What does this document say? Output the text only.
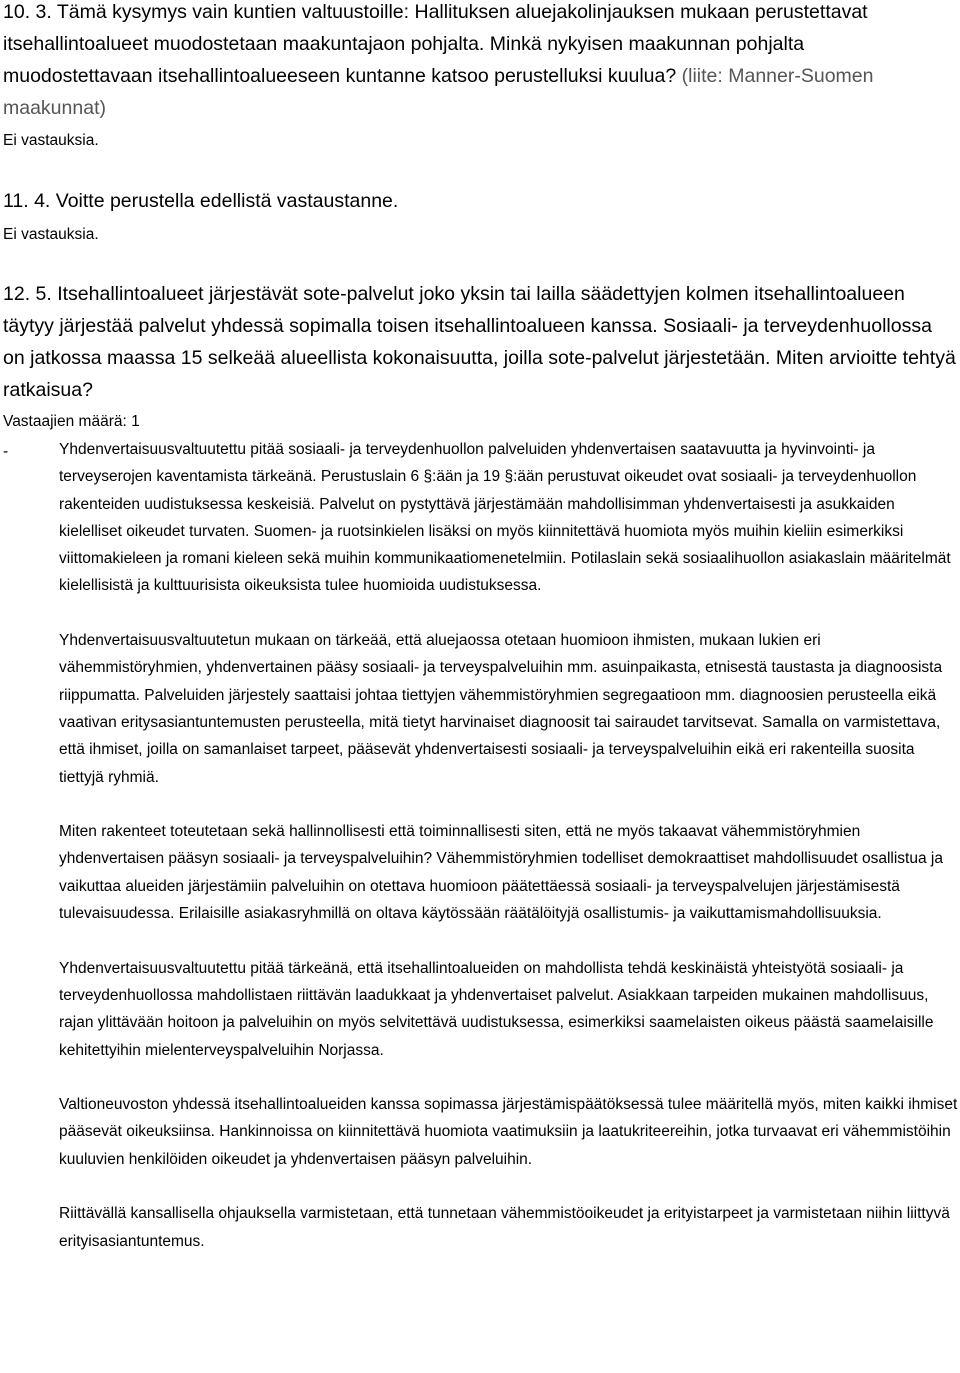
10. 3. Tämä kysymys vain kuntien valtuustoille: Hallituksen aluejakolinjauksen mukaan perustettavat itsehallintoalueet muodostetaan maakuntajaon pohjalta. Minkä nykyisen maakunnan pohjalta muodostettavaan itsehallintoalueeseen kuntanne katsoo perustelluksi kuulua? (liite: Manner-Suomen maakunnat)

Ei vastauksia.

11. 4. Voitte perustella edellistä vastaustanne.

Ei vastauksia.

12. 5. Itsehallintoalueet järjestävät sote-palvelut joko yksin tai lailla säädettyjen kolmen itsehallintoalueen täytyy järjestää palvelut yhdessä sopimalla toisen itsehallintoalueen kanssa. Sosiaali- ja terveydenhuollossa on jatkossa maassa 15 selkeää alueellista kokonaisuutta, joilla sote-palvelut järjestetään. Miten arvioitte tehtyä ratkaisua?

Vastaajien määrä: 1
-	Yhdenvertaisuusvaltuutettu pitää sosiaali- ja terveydenhuollon palveluiden yhdenvertaisen saatavuutta ja hyvinvointi- ja terveyserojen kaventamista tärkeänä. Perustuslain 6 §:ään ja 19 §:ään perustuvat oikeudet ovat sosiaali- ja terveydenhuollon rakenteiden uudistuksessa keskeisiä. Palvelut on pystyttävä järjestämään mahdollisimman yhdenvertaisesti ja asukkaiden kielelliset oikeudet turvaten. Suomen- ja ruotsinkielen lisäksi on myös kiinnitettävä huomiota myös muihin kieliin esimerkiksi viittomakieleen ja romani kieleen sekä muihin kommunikaatiomenetelmiin. Potilaslain sekä sosiaalihuollon asiakaslain määritelmät kielellisistä ja kulttuurisista oikeuksista tulee huomioida uudistuksessa.

Yhdenvertaisuusvaltuutetun mukaan on tärkeää, että aluejaossa otetaan huomioon ihmisten, mukaan lukien eri vähemmistöryhmien, yhdenvertainen pääsy sosiaali- ja terveyspalveluihin mm. asuinpaikasta, etnisestä taustasta ja diagnoosista riippumatta. Palveluiden järjestely saattaisi johtaa tiettyjen vähemmistöryhmien segregaatioon mm. diagnoosien perusteella eikä vaativan eritysasiantuntemusten perusteella, mitä tietyt harvinaiset diagnoosit tai sairaudet tarvitsevat. Samalla on varmistettava, että ihmiset, joilla on samanlaiset tarpeet, pääsevät yhdenvertaisesti sosiaali- ja terveyspalveluihin eikä eri rakenteilla suosita tiettyjä ryhmiä.

Miten rakenteet toteutetaan sekä hallinnollisesti että toiminnallisesti siten, että ne myös takaavat vähemmistöryhmien yhdenvertaisen pääsyn sosiaali- ja terveyspalveluihin? Vähemmistöryhmien todelliset demokraattiset mahdollisuudet osallistua ja vaikuttaa alueiden järjestämiin palveluihin on otettava huomioon päätettäessä sosiaali- ja terveyspalvelujen järjestämisestä tulevaisuudessa. Erilaisille asiakasryhmillä on oltava käytössään räätälöityjä osallistumis- ja vaikuttamismahdollisuuksia.

Yhdenvertaisuusvaltuutettu pitää tärkeänä, että itsehallintoalueiden on mahdollista tehdä keskinäistä yhteistyötä sosiaali- ja terveydenhuollossa mahdollistaen riittävän laadukkaat ja yhdenvertaiset palvelut. Asiakkaan tarpeiden mukainen mahdollisuus, rajan ylittävään hoitoon ja palveluihin on myös selvitettävä uudistuksessa, esimerkiksi saamelaisten oikeus päästä saamelaisille kehitettyihin mielenterveyspalveluihin Norjassa.

Valtioneuvoston yhdessä itsehallintoalueiden kanssa sopimassa järjestämispäätöksessä tulee määritellä myös, miten kaikki ihmiset pääsevät oikeuksiinsa. Hankinnoissa on kiinnitettävä huomiota vaatimuksiin ja laatukriteereihin, jotka turvaavat eri vähemmistöihin kuuluvien henkilöiden oikeudet ja yhdenvertaisen pääsyn palveluihin.

Riittävällä kansallisella ohjauksella varmistetaan, että tunnetaan vähemmistöoikeudet ja erityistarpeet ja varmistetaan niihin liittyvä erityisasiantuntemus.
